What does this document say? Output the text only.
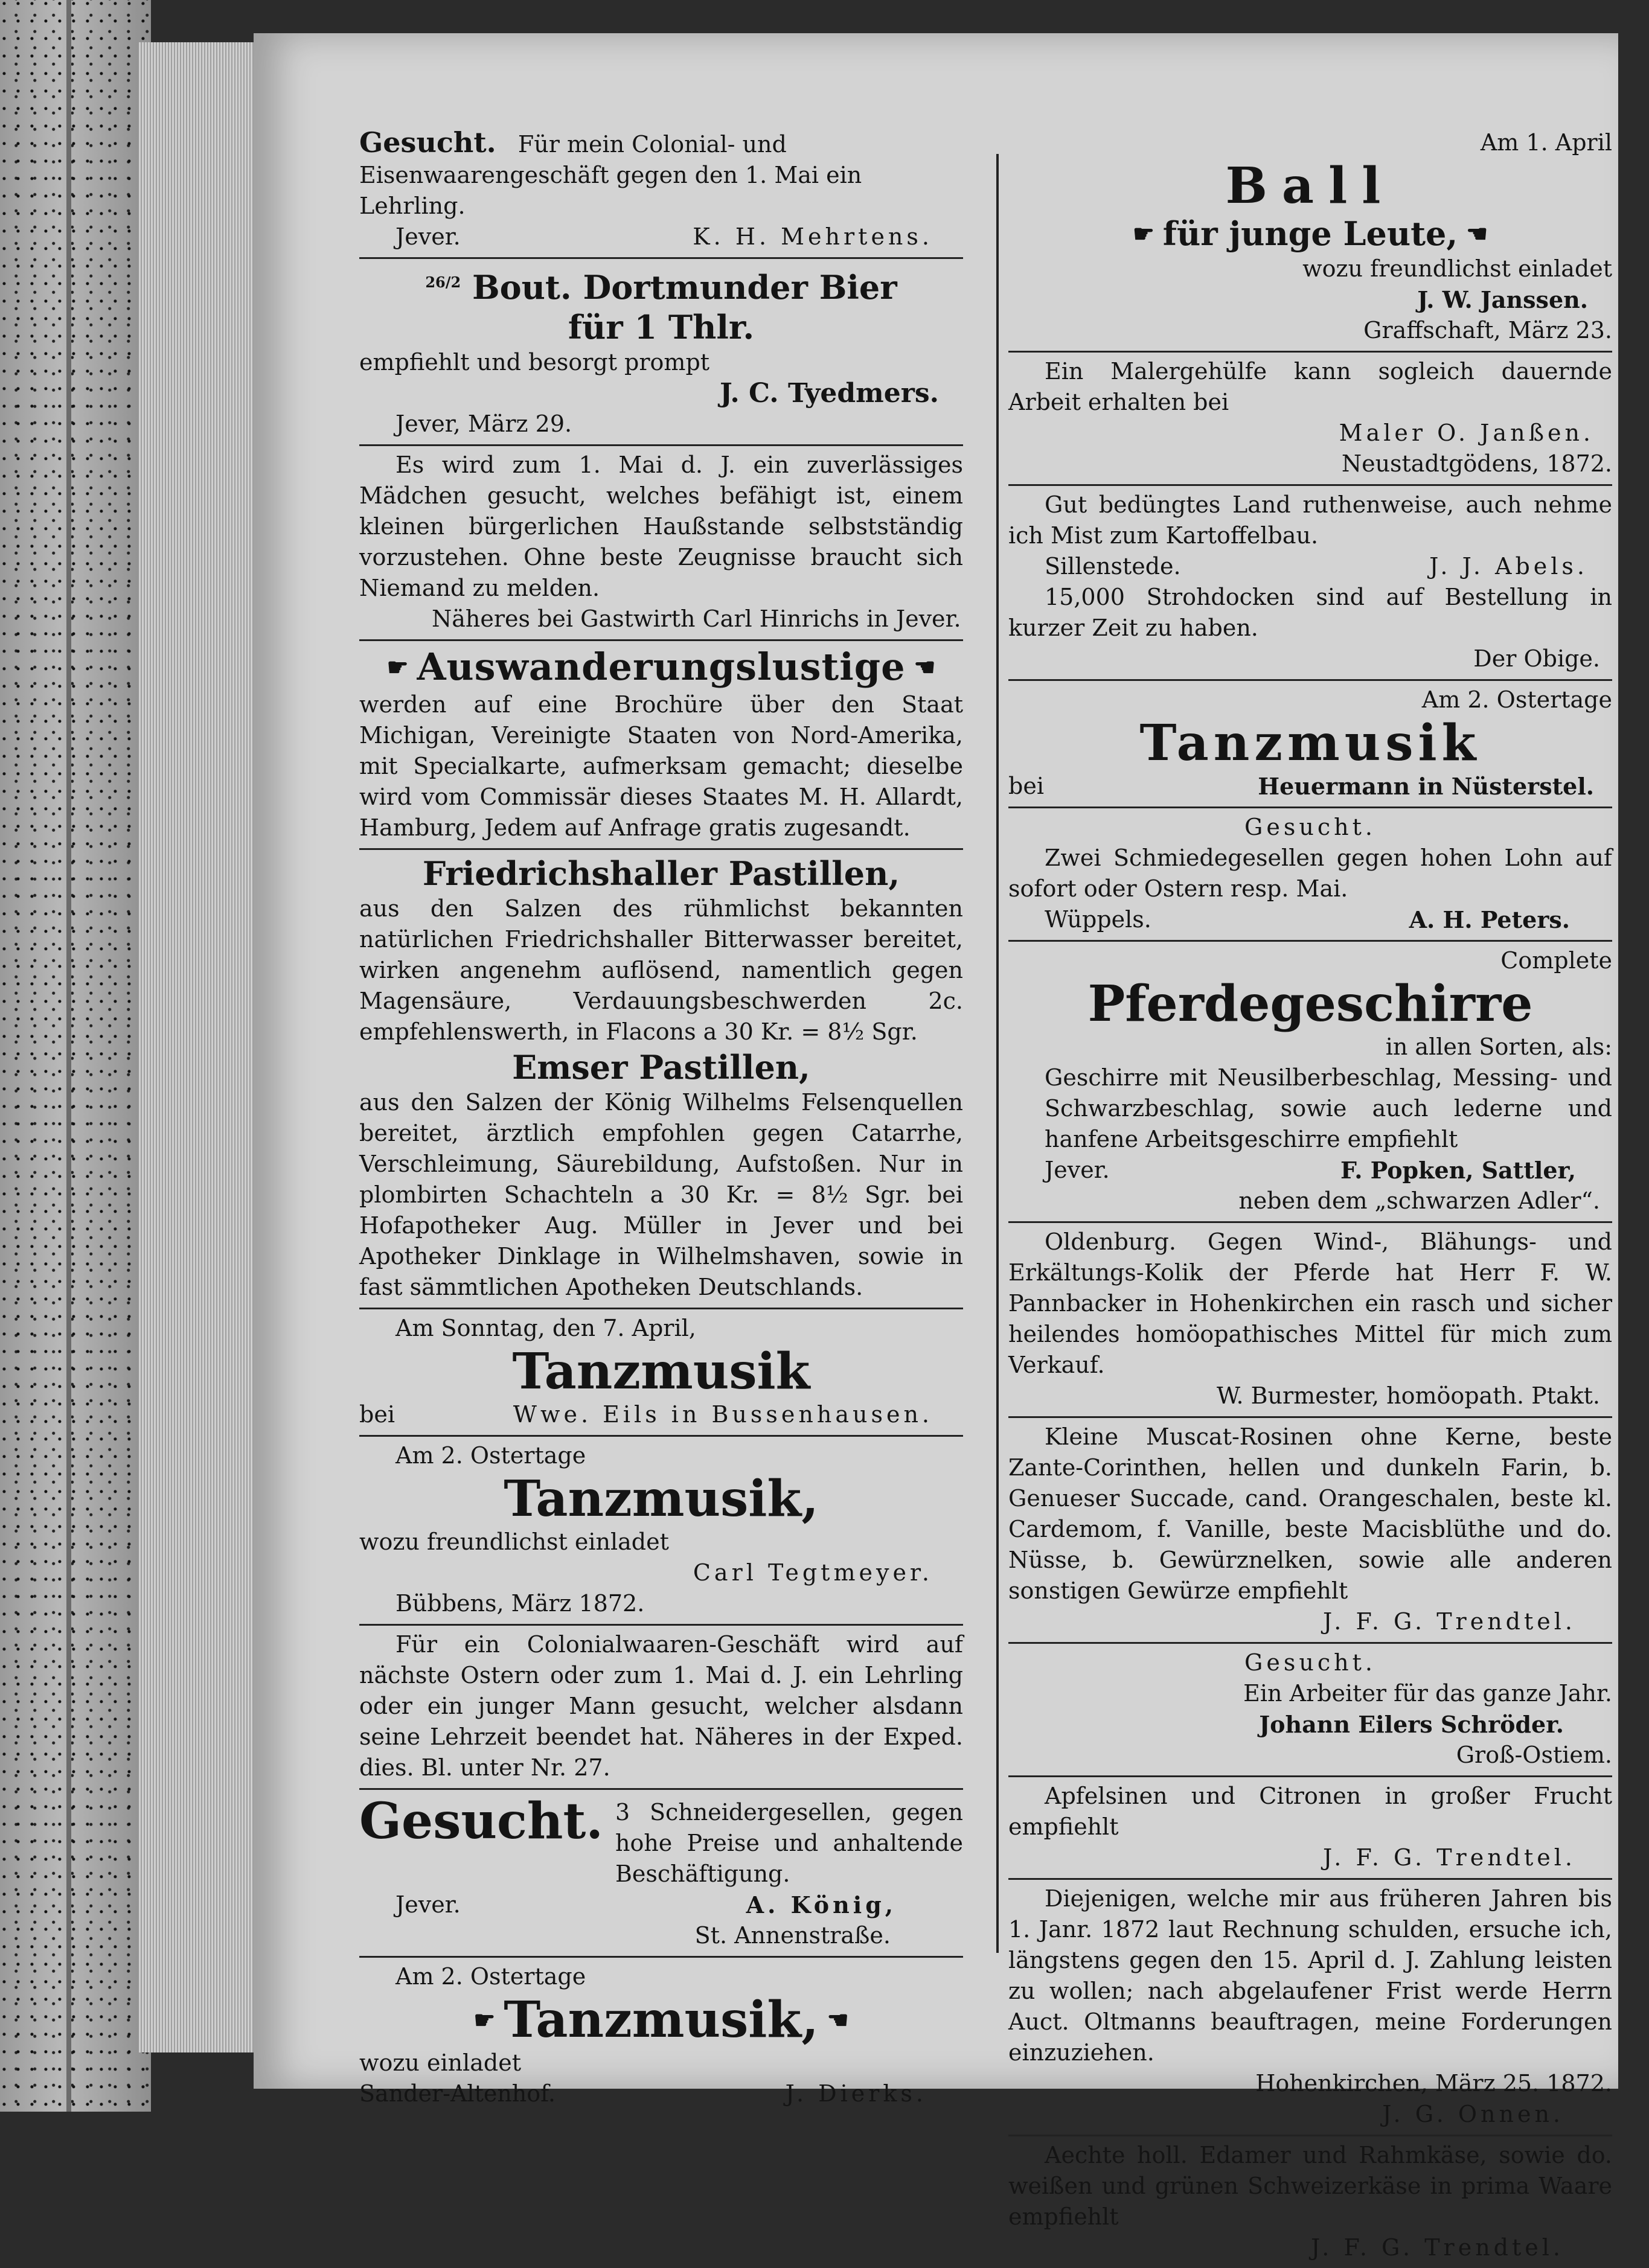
Gesucht. Für mein Colonial- und
Eisenwaarengeschäft gegen den 1. Mai ein
Lehrling.
Jever.	K. H. Mehrtens.
$^{26/2}$ Bout. Dortmunder Bier
für 1 Thlr.
empfiehlt und besorgt prompt
J. C. Tyedmers.
Jever, März 29.
Es wird zum 1. Mai d. J. ein zuverlässiges Mädchen gesucht, welches befähigt ist, einem kleinen bürgerlichen Haußstande selbstständig vorzustehen. Ohne beste Zeugnisse braucht sich Niemand zu melden.
Näheres bei Gastwirth Carl Hinrichs in Jever.
☛ Auswanderungslustige ☚
werden auf eine Brochüre über den Staat Michigan, Vereinigte Staaten von Nord-Amerika, mit Specialkarte, aufmerksam gemacht; dieselbe wird vom Commissär dieses Staates M. H. Allardt, Hamburg, Jedem auf Anfrage gratis zugesandt.
Friedrichshaller Pastillen,
aus den Salzen des rühmlichst bekannten natürlichen Friedrichshaller Bitterwasser bereitet, wirken angenehm auflösend, namentlich gegen Magensäure, Verdauungsbeschwerden 2c. empfehlenswerth, in Flacons a 30 Kr. = 8½ Sgr.
Emser Pastillen,
aus den Salzen der König Wilhelms Felsenquellen bereitet, ärztlich empfohlen gegen Catarrhe, Verschleimung, Säurebildung, Aufstoßen. Nur in plombirten Schachteln a 30 Kr. = 8½ Sgr. bei Hofapotheker Aug. Müller in Jever und bei Apotheker Dinklage in Wilhelmshaven, sowie in fast sämmtlichen Apotheken Deutschlands.
Am Sonntag, den 7. April,
Tanzmusik
bei	Wwe. Eils in Bussenhausen.
Am 2. Ostertage
Tanzmusik,
wozu freundlichst einladet
Carl Tegtmeyer.
Bübbens, März 1872.
Für ein Colonialwaaren-Geschäft wird auf nächste Ostern oder zum 1. Mai d. J. ein Lehrling oder ein junger Mann gesucht, welcher alsdann seine Lehrzeit beendet hat. Näheres in der Exped. dies. Bl. unter Nr. 27.
Gesucht. 3 Schneidergesellen, gegen hohe Preise und anhaltende Beschäftigung.
Jever.	A. König,
St. Annenstraße.
Am 2. Ostertage
☛ Tanzmusik, ☚
wozu einladet
Sander-Altenhof.	J. Dierks.
Am 1. April
Ball
☛ für junge Leute, ☚
wozu freundlichst einladet
J. W. Janssen.
Graffschaft, März 23.
Ein Malergehülfe kann sogleich dauernde Arbeit erhalten bei
Maler O. Janßen.
Neustadtgödens, 1872.
Gut bedüngtes Land ruthenweise, auch nehme ich Mist zum Kartoffelbau.
Sillenstede.	J. J. Abels.
15,000 Strohdocken sind auf Bestellung in kurzer Zeit zu haben.
Der Obige.
Am 2. Ostertage
Tanzmusik
bei	Heuermann in Nüsterstel.
Gesucht.
Zwei Schmiedegesellen gegen hohen Lohn auf sofort oder Ostern resp. Mai.
Wüppels.	A. H. Peters.
Complete
Pferdegeschirre
in allen Sorten, als:
Geschirre mit Neusilberbeschlag, Messing- und Schwarzbeschlag, sowie auch lederne und hanfene Arbeitsgeschirre empfiehlt
Jever.	F. Popken, Sattler,
neben dem „schwarzen Adler“.
Oldenburg. Gegen Wind-, Blähungs- und Erkältungs-Kolik der Pferde hat Herr F. W. Pannbacker in Hohenkirchen ein rasch und sicher heilendes homöopathisches Mittel für mich zum Verkauf.
W. Burmester, homöopath. Ptakt.
Kleine Muscat-Rosinen ohne Kerne, beste Zante-Corinthen, hellen und dunkeln Farin, b. Genueser Succade, cand. Orangeschalen, beste kl. Cardemom, f. Vanille, beste Macisblüthe und do. Nüsse, b. Gewürznelken, sowie alle anderen sonstigen Gewürze empfiehlt
J. F. G. Trendtel.
Gesucht.
Ein Arbeiter für das ganze Jahr.
Johann Eilers Schröder.
Groß-Ostiem.
Apfelsinen und Citronen in großer Frucht empfiehlt
J. F. G. Trendtel.
Diejenigen, welche mir aus früheren Jahren bis 1. Janr. 1872 laut Rechnung schulden, ersuche ich, längstens gegen den 15. April d. J. Zahlung leisten zu wollen; nach abgelaufener Frist werde Herrn Auct. Oltmanns beauftragen, meine Forderungen einzuziehen.
Hohenkirchen, März 25. 1872.
J. G. Onnen.
Aechte holl. Edamer und Rahmkäse, sowie do. weißen und grünen Schweizerkäse in prima Waare empfiehlt
J. F. G. Trendtel.
